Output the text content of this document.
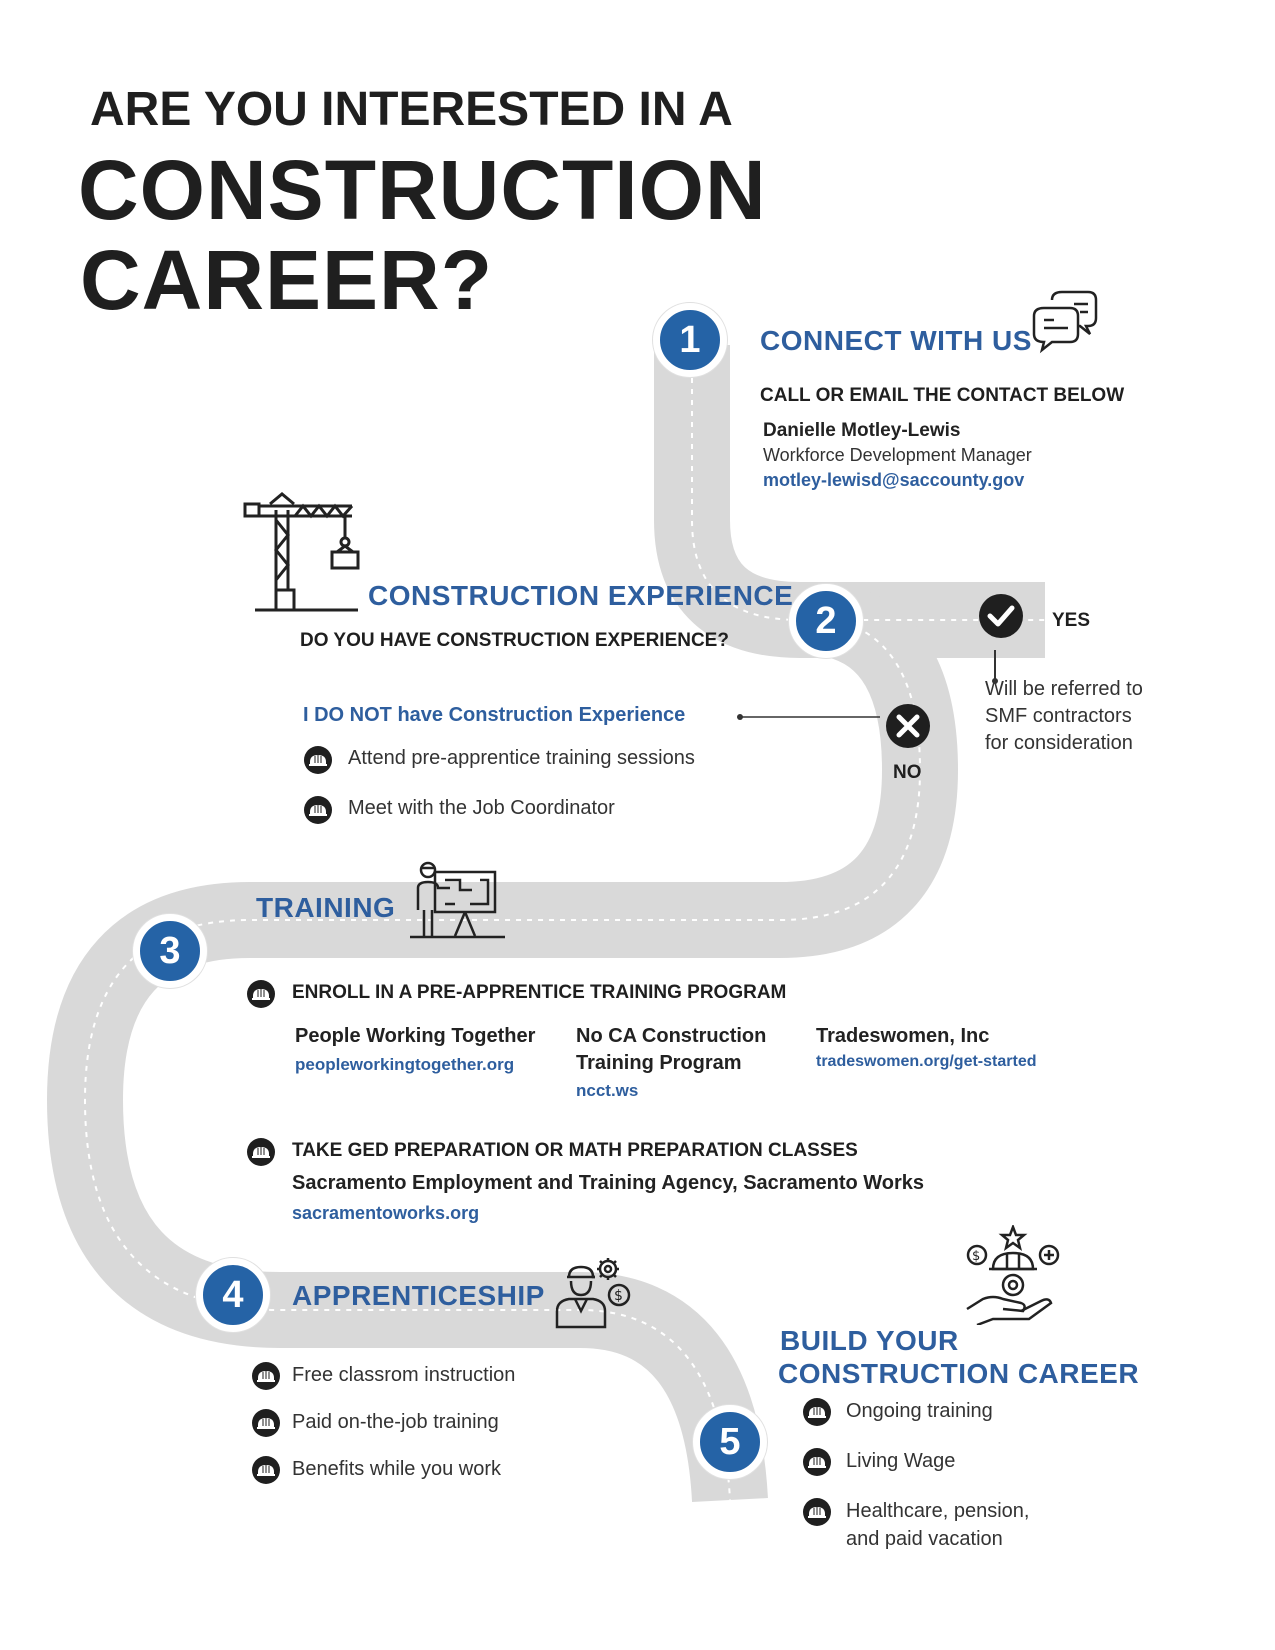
ARE YOU INTERESTED IN A
CONSTRUCTION
CAREER?
1	CONNECT WITH US
CALL OR EMAIL THE CONTACT BELOW
Danielle Motley-Lewis
Workforce Development Manager
motley-lewisd@saccounty.gov
CONSTRUCTION EXPERIENCE
DO YOU HAVE CONSTRUCTION EXPERIENCE?	2	YES
Will be referred to
SMF contractors
for consideration
NO
I DO NOT have Construction Experience
Attend pre-apprentice training sessions
Meet with the Job Coordinator
TRAINING
3
ENROLL IN A PRE-APPRENTICE TRAINING PROGRAM
People Working Together
peopleworkingtogether.org
No CA Construction
Training Program
ncct.ws
Tradeswomen, Inc
tradeswomen.org/get-started
TAKE GED PREPARATION OR MATH PREPARATION CLASSES
Sacramento Employment and Training Agency, Sacramento Works
sacramentoworks.org
4	APPRENTICESHIP	$
Free classrom instruction
Paid on-the-job training
Benefits while you work
5
$
BUILD YOUR
CONSTRUCTION CAREER
Ongoing training
Living Wage
Healthcare, pension,
and paid vacation
